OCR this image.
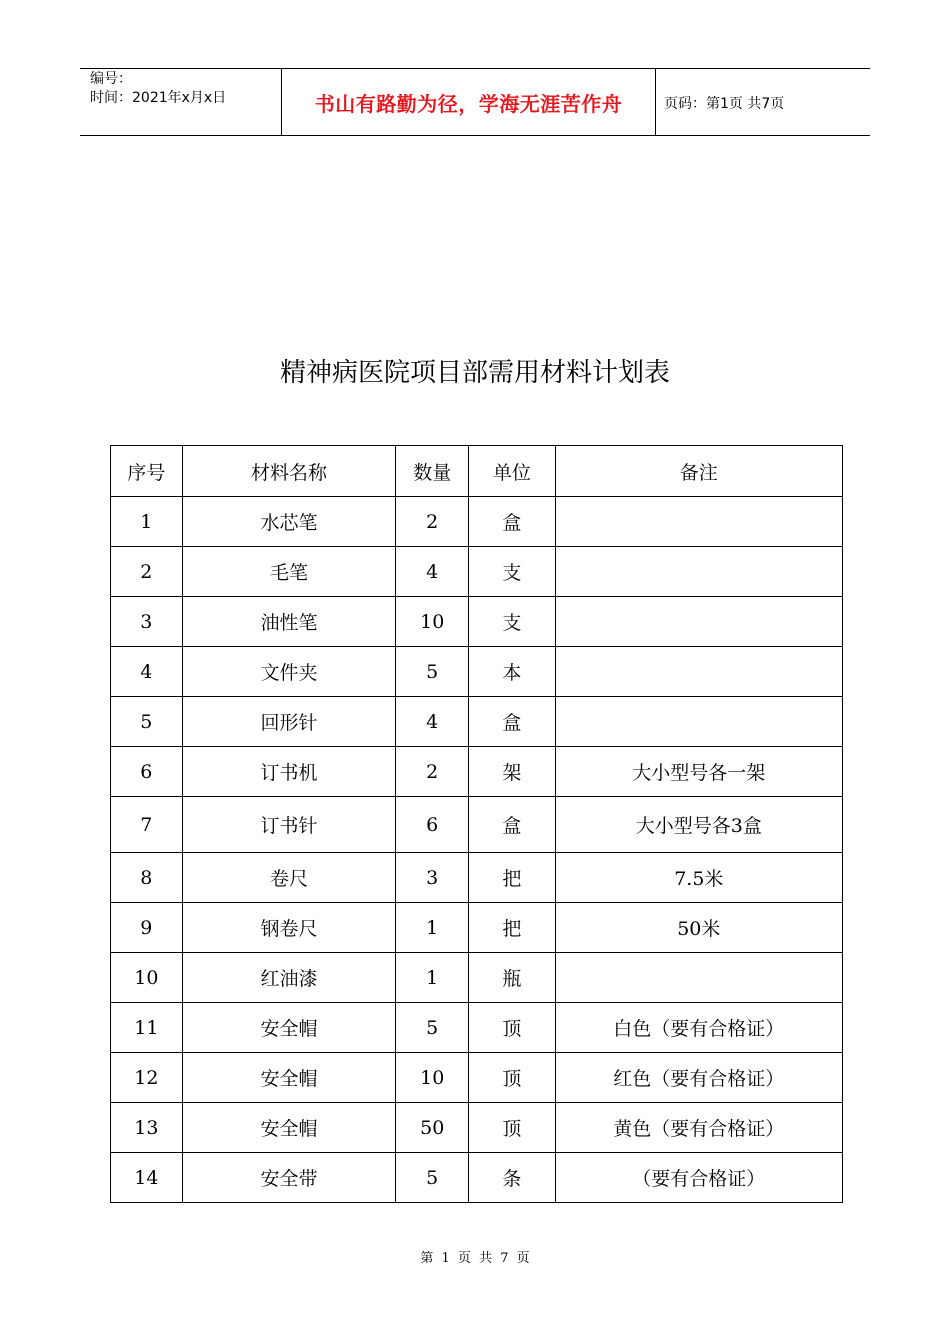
编号：
时间：2021年x月x日	书山有路勤为径，学海无涯苦作舟	页码：第1页 共7页
精神病医院项目部需用材料计划表
序号	材料名称	数量	单位	备注
1	水芯笔	2	盒	
2	毛笔	4	支	
3	油性笔	10	支	
4	文件夹	5	本	
5	回形针	4	盒	
6	订书机	2	架	大小型号各一架
7	订书针	6	盒	大小型号各3盒
8	卷尺	3	把	7.5米
9	钢卷尺	1	把	50米
10	红油漆	1	瓶	
11	安全帽	5	顶	白色（要有合格证）
12	安全帽	10	顶	红色（要有合格证）
13	安全帽	50	顶	黄色（要有合格证）
14	安全带	5	条	（要有合格证）
第 1 页 共 7 页
